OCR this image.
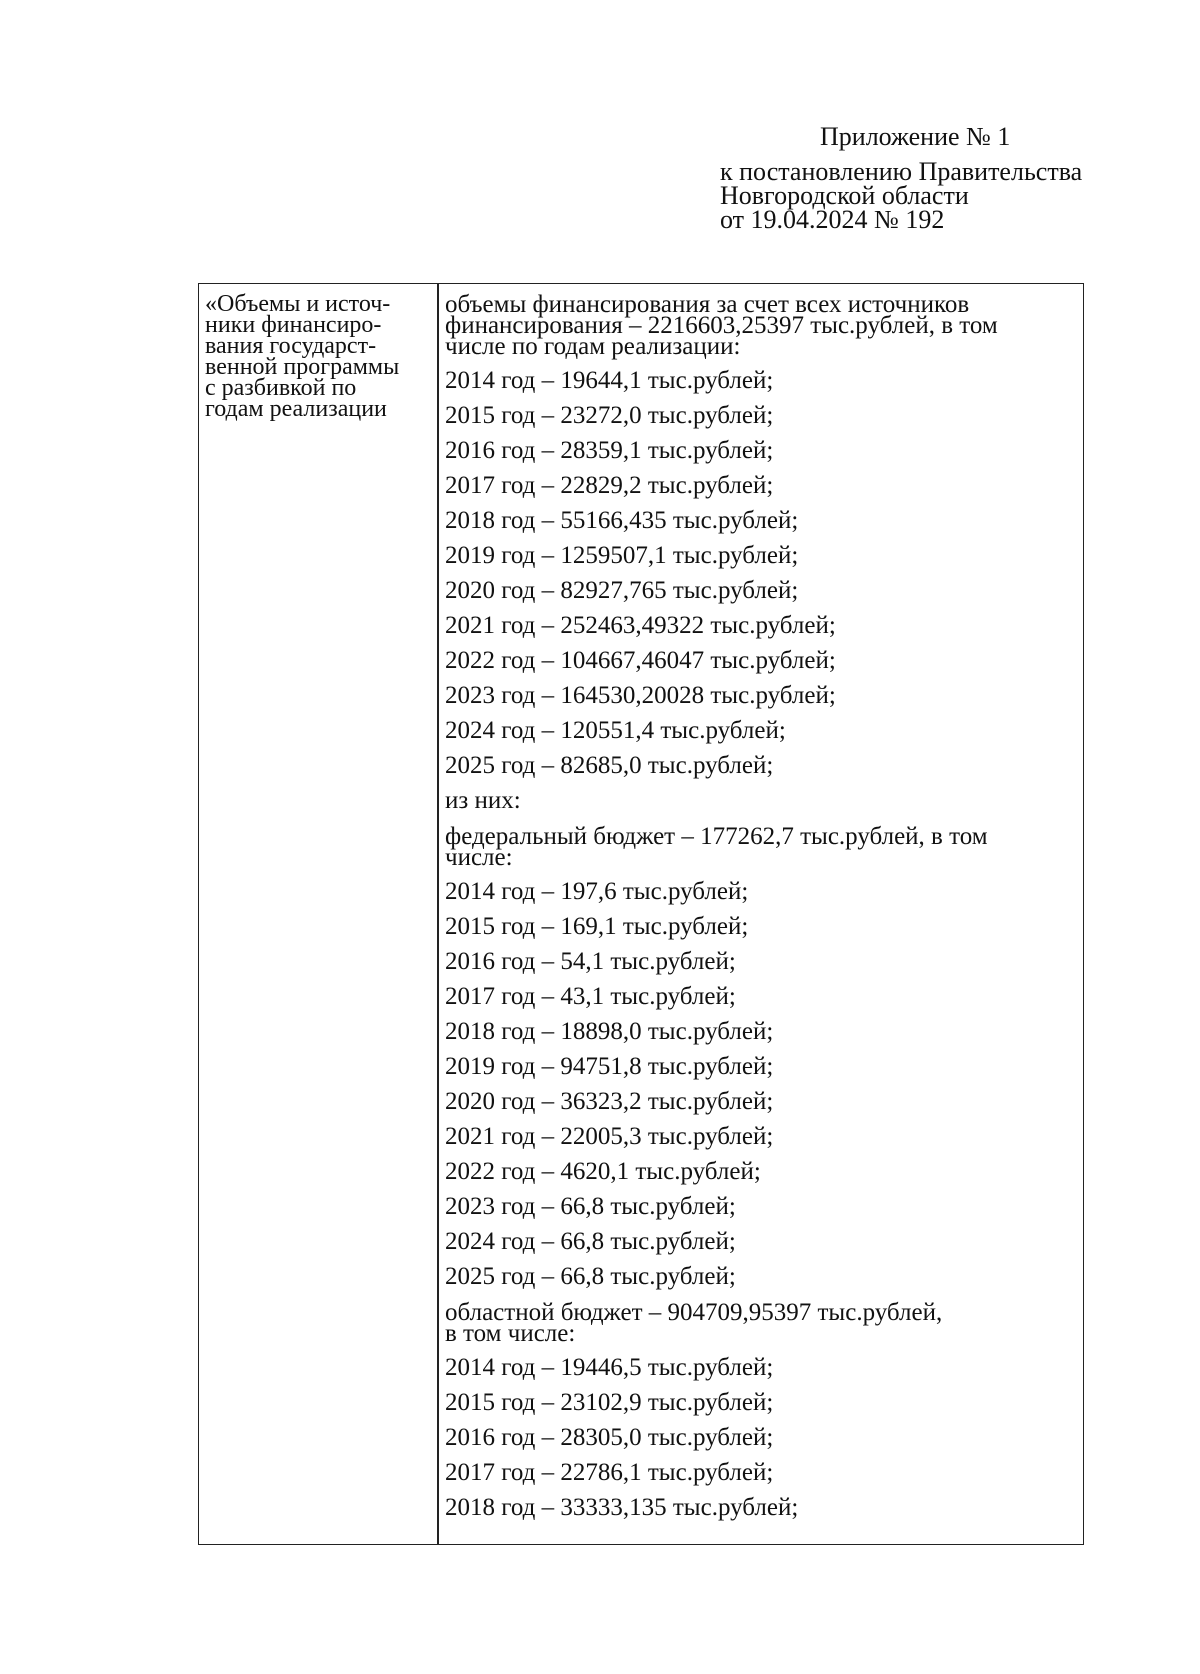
Приложение № 1
к постановлению Правительства
Новгородской области
от 19.04.2024 № 192
«Объемы и источ-
ники финансиро-
вания государст-
венной программы
с разбивкой по
годам реализации
объемы финансирования за счет всех источников
финансирования – 2216603,25397 тыс.рублей, в том
числе по годам реализации:
2014 год – 19644,1 тыс.рублей;
2015 год – 23272,0 тыс.рублей;
2016 год – 28359,1 тыс.рублей;
2017 год – 22829,2 тыс.рублей;
2018 год – 55166,435 тыс.рублей;
2019 год – 1259507,1 тыс.рублей;
2020 год – 82927,765 тыс.рублей;
2021 год – 252463,49322 тыс.рублей;
2022 год – 104667,46047 тыс.рублей;
2023 год – 164530,20028 тыс.рублей;
2024 год – 120551,4 тыс.рублей;
2025 год – 82685,0 тыс.рублей;
из них:
федеральный бюджет – 177262,7 тыс.рублей, в том
числе:
2014 год – 197,6 тыс.рублей;
2015 год – 169,1 тыс.рублей;
2016 год – 54,1 тыс.рублей;
2017 год – 43,1 тыс.рублей;
2018 год – 18898,0 тыс.рублей;
2019 год – 94751,8 тыс.рублей;
2020 год – 36323,2 тыс.рублей;
2021 год – 22005,3 тыс.рублей;
2022 год – 4620,1 тыс.рублей;
2023 год – 66,8 тыс.рублей;
2024 год – 66,8 тыс.рублей;
2025 год – 66,8 тыс.рублей;
областной бюджет – 904709,95397 тыс.рублей,
в том числе:
2014 год – 19446,5 тыс.рублей;
2015 год – 23102,9 тыс.рублей;
2016 год – 28305,0 тыс.рублей;
2017 год – 22786,1 тыс.рублей;
2018 год – 33333,135 тыс.рублей;
